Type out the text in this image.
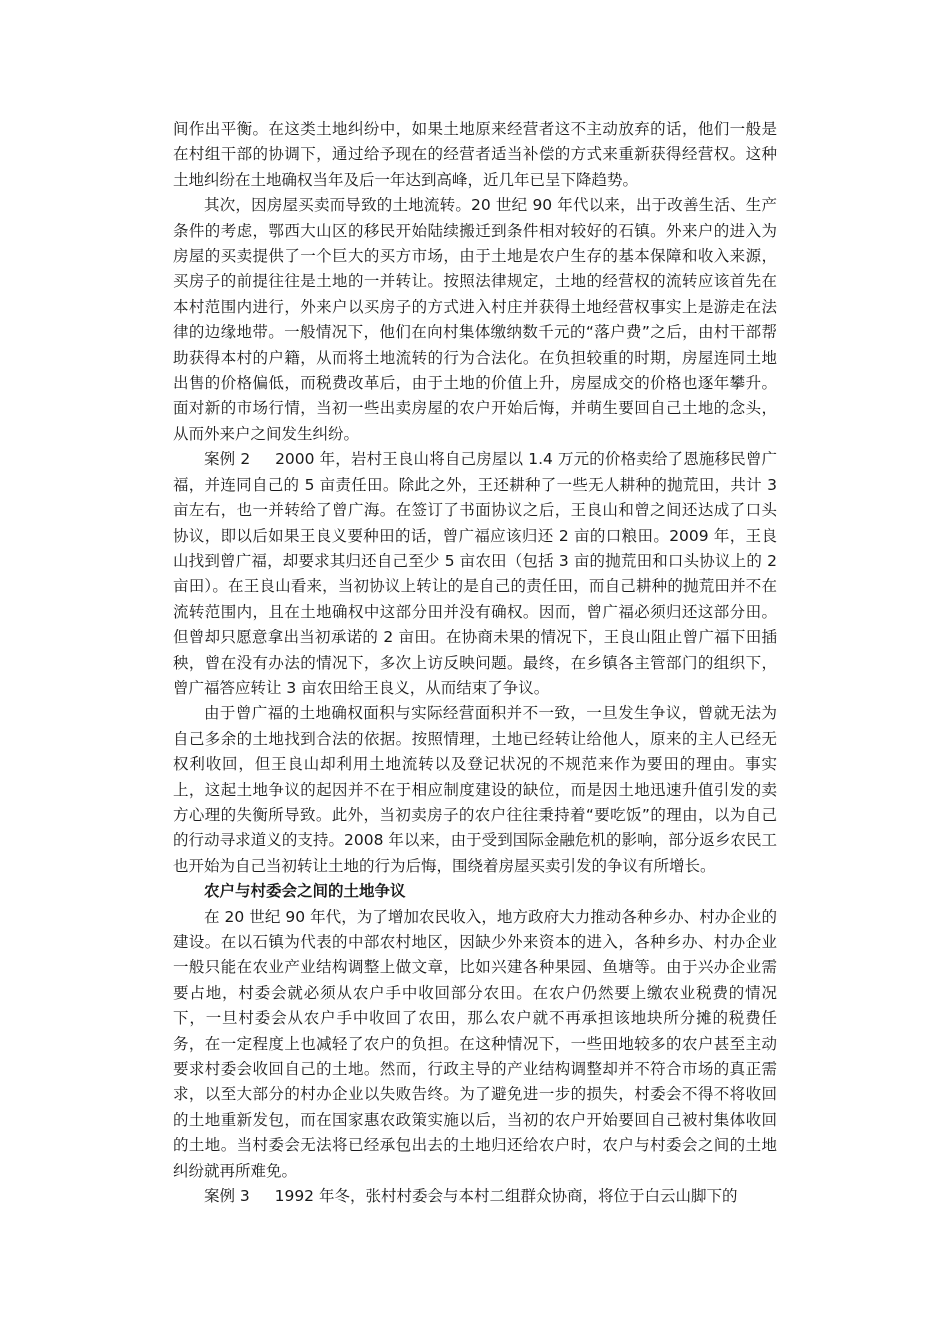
间作出平衡。在这类土地纠纷中，如果土地原来经营者这不主动放弃的话，他们一般是在村组干部的协调下，通过给予现在的经营者适当补偿的方式来重新获得经营权。这种土地纠纷在土地确权当年及后一年达到高峰，近几年已呈下降趋势。

其次，因房屋买卖而导致的土地流转。20 世纪 90 年代以来，出于改善生活、生产条件的考虑，鄂西大山区的移民开始陆续搬迁到条件相对较好的石镇。外来户的进入为房屋的买卖提供了一个巨大的买方市场，由于土地是农户生存的基本保障和收入来源，买房子的前提往往是土地的一并转让。按照法律规定，土地的经营权的流转应该首先在本村范围内进行，外来户以买房子的方式进入村庄并获得土地经营权事实上是游走在法律的边缘地带。一般情况下，他们在向村集体缴纳数千元的“落户费”之后，由村干部帮助获得本村的户籍，从而将土地流转的行为合法化。在负担较重的时期，房屋连同土地出售的价格偏低，而税费改革后，由于土地的价值上升，房屋成交的价格也逐年攀升。面对新的市场行情，当初一些出卖房屋的农户开始后悔，并萌生要回自己土地的念头，从而外来户之间发生纠纷。

案例 2 2000 年，岩村王良山将自己房屋以 1.4 万元的价格卖给了恩施移民曾广福，并连同自己的 5 亩责任田。除此之外，王还耕种了一些无人耕种的抛荒田，共计 3 亩左右，也一并转给了曾广海。在签订了书面协议之后，王良山和曾之间还达成了口头协议，即以后如果王良义要种田的话，曾广福应该归还 2 亩的口粮田。2009 年，王良山找到曾广福，却要求其归还自己至少 5 亩农田（包括 3 亩的抛荒田和口头协议上的 2 亩田）。在王良山看来，当初协议上转让的是自己的责任田，而自己耕种的抛荒田并不在流转范围内，且在土地确权中这部分田并没有确权。因而，曾广福必须归还这部分田。但曾却只愿意拿出当初承诺的 2 亩田。在协商未果的情况下，王良山阻止曾广福下田插秧，曾在没有办法的情况下，多次上访反映问题。最终，在乡镇各主管部门的组织下，曾广福答应转让 3 亩农田给王良义，从而结束了争议。

由于曾广福的土地确权面积与实际经营面积并不一致，一旦发生争议，曾就无法为自己多余的土地找到合法的依据。按照情理，土地已经转让给他人，原来的主人已经无权利收回，但王良山却利用土地流转以及登记状况的不规范来作为要田的理由。事实上，这起土地争议的起因并不在于相应制度建设的缺位，而是因土地迅速升值引发的卖方心理的失衡所导致。此外，当初卖房子的农户往往秉持着“要吃饭”的理由，以为自己的行动寻求道义的支持。2008 年以来，由于受到国际金融危机的影响，部分返乡农民工也开始为自己当初转让土地的行为后悔，围绕着房屋买卖引发的争议有所增长。

农户与村委会之间的土地争议

在 20 世纪 90 年代，为了增加农民收入，地方政府大力推动各种乡办、村办企业的建设。在以石镇为代表的中部农村地区，因缺少外来资本的进入，各种乡办、村办企业一般只能在农业产业结构调整上做文章，比如兴建各种果园、鱼塘等。由于兴办企业需要占地，村委会就必须从农户手中收回部分农田。在农户仍然要上缴农业税费的情况下，一旦村委会从农户手中收回了农田，那么农户就不再承担该地块所分摊的税费任务，在一定程度上也减轻了农户的负担。在这种情况下，一些田地较多的农户甚至主动要求村委会收回自己的土地。然而，行政主导的产业结构调整却并不符合市场的真正需求，以至大部分的村办企业以失败告终。为了避免进一步的损失，村委会不得不将收回的土地重新发包，而在国家惠农政策实施以后，当初的农户开始要回自己被村集体收回的土地。当村委会无法将已经承包出去的土地归还给农户时，农户与村委会之间的土地纠纷就再所难免。

案例 3 1992 年冬，张村村委会与本村二组群众协商，将位于白云山脚下的
